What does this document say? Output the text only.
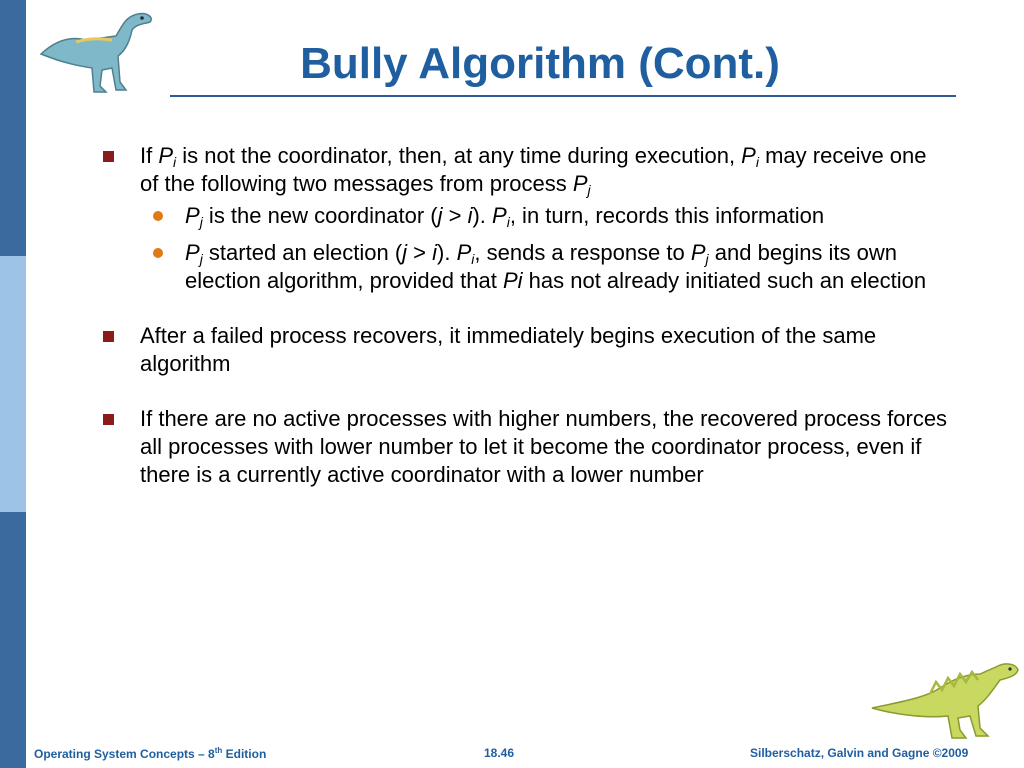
Bully Algorithm (Cont.)
If $P_i$ is not the coordinator, then, at any time during execution, $P_i$ may receive one of the following two messages from process $P_j$
$P_j$ is the new coordinator (j > i). $P_i$, in turn, records this information
$P_j$ started an election (j > i). $P_i$, sends a response to $P_j$ and begins its own election algorithm, provided that Pi has not already initiated such an election
After a failed process recovers, it immediately begins execution of the same algorithm
If there are no active processes with higher numbers, the recovered process forces all processes with lower number to let it become the coordinator process, even if there is a currently active coordinator with a lower number
Operating System Concepts – 8th Edition	18.46	Silberschatz, Galvin and Gagne ©2009
